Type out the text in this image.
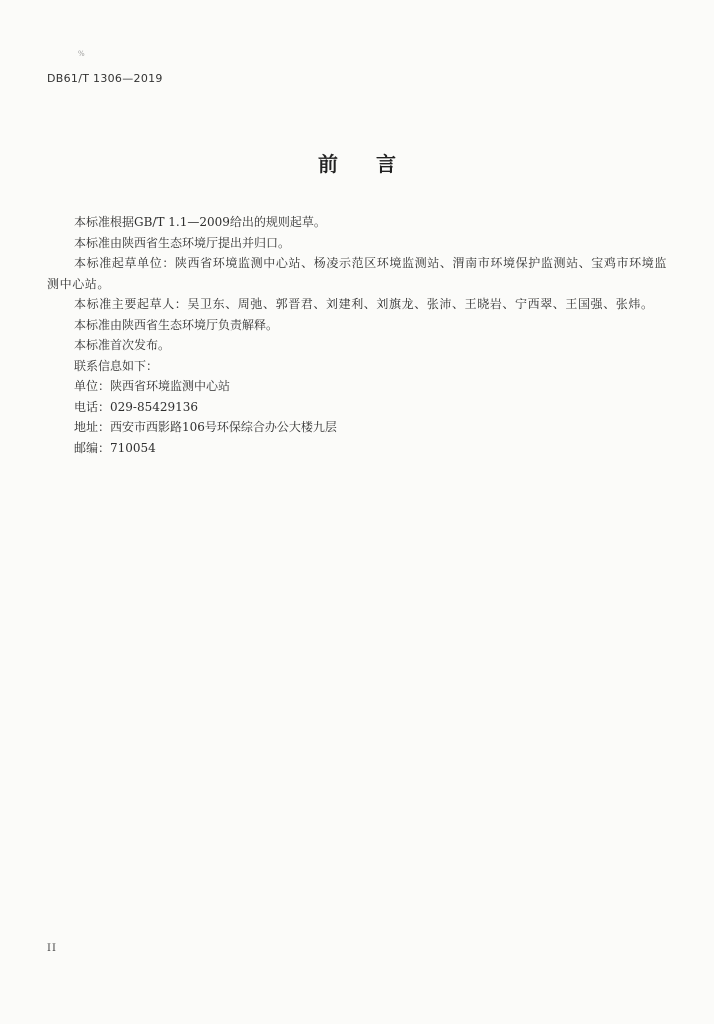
%
DB61/T 1306—2019
前言

本标准根据GB/T 1.1—2009给出的规则起草。

本标准由陕西省生态环境厅提出并归口。

本标准起草单位：陕西省环境监测中心站、杨凌示范区环境监测站、渭南市环境保护监测站、宝鸡市环境监测中心站。

本标准主要起草人：吴卫东、周弛、郭晋君、刘建利、刘旗龙、张沛、王晓岩、宁西翠、王国强、张炜。

本标准由陕西省生态环境厅负责解释。

本标准首次发布。

联系信息如下：

单位：陕西省环境监测中心站

电话：029-85429136

地址：西安市西影路106号环保综合办公大楼九层

邮编：710054

II
